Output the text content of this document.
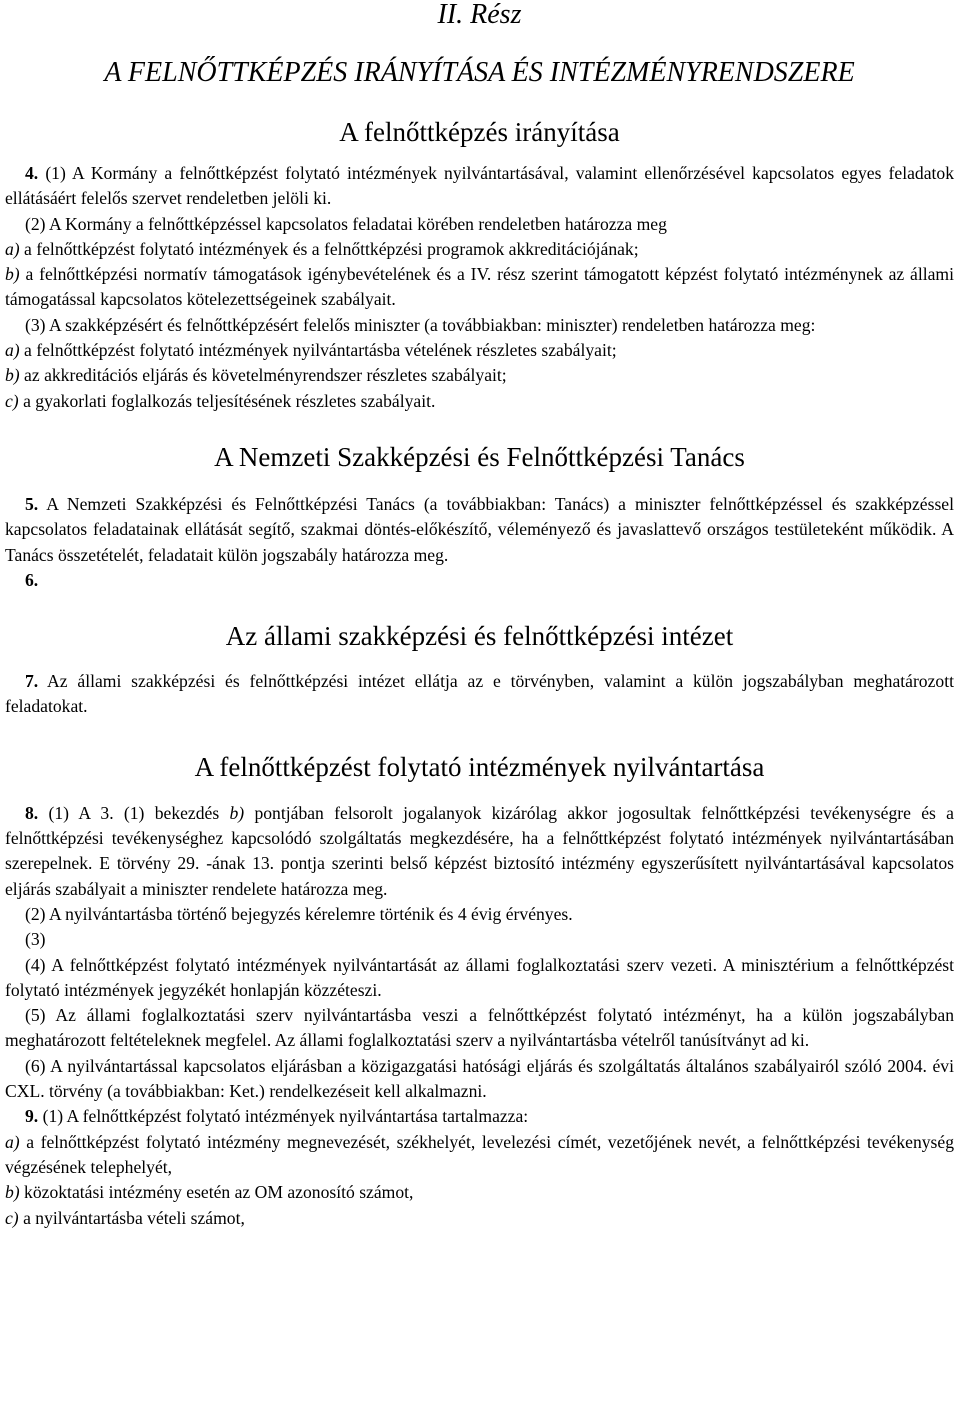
II. Rész
A FELNŐTTKÉPZÉS IRÁNYÍTÁSA ÉS INTÉZMÉNYRENDSZERE
A felnőttképzés irányítása

4. (1) A Kormány a felnőttképzést folytató intézmények nyilvántartásával, valamint ellenőrzésével kapcsolatos egyes feladatok ellátásáért felelős szervet rendeletben jelöli ki.

(2) A Kormány a felnőttképzéssel kapcsolatos feladatai körében rendeletben határozza meg

a) a felnőttképzést folytató intézmények és a felnőttképzési programok akkreditációjának;

b) a felnőttképzési normatív támogatások igénybevételének és a IV. rész szerint támogatott képzést folytató intézménynek az állami támogatással kapcsolatos kötelezettségeinek szabályait.

(3) A szakképzésért és felnőttképzésért felelős miniszter (a továbbiakban: miniszter) rendeletben határozza meg:

a) a felnőttképzést folytató intézmények nyilvántartásba vételének részletes szabályait;

b) az akkreditációs eljárás és követelményrendszer részletes szabályait;

c) a gyakorlati foglalkozás teljesítésének részletes szabályait.

A Nemzeti Szakképzési és Felnőttképzési Tanács

5. A Nemzeti Szakképzési és Felnőttképzési Tanács (a továbbiakban: Tanács) a miniszter felnőttképzéssel és szakképzéssel kapcsolatos feladatainak ellátását segítő, szakmai döntés-előkészítő, véleményező és javaslattevő országos testületeként működik. A Tanács összetételét, feladatait külön jogszabály határozza meg.

6.

Az állami szakképzési és felnőttképzési intézet

7. Az állami szakképzési és felnőttképzési intézet ellátja az e törvényben, valamint a külön jogszabályban meghatározott feladatokat.

A felnőttképzést folytató intézmények nyilvántartása

8. (1) A 3. (1) bekezdés b) pontjában felsorolt jogalanyok kizárólag akkor jogosultak felnőttképzési tevékenységre és a felnőttképzési tevékenységhez kapcsolódó szolgáltatás megkezdésére, ha a felnőttképzést folytató intézmények nyilvántartásában szerepelnek. E törvény 29. -ának 13. pontja szerinti belső képzést biztosító intézmény egyszerűsített nyilvántartásával kapcsolatos eljárás szabályait a miniszter rendelete határozza meg.

(2) A nyilvántartásba történő bejegyzés kérelemre történik és 4 évig érvényes.

(3)

(4) A felnőttképzést folytató intézmények nyilvántartását az állami foglalkoztatási szerv vezeti. A minisztérium a felnőttképzést folytató intézmények jegyzékét honlapján közzéteszi.

(5) Az állami foglalkoztatási szerv nyilvántartásba veszi a felnőttképzést folytató intézményt, ha a külön jogszabályban meghatározott feltételeknek megfelel. Az állami foglalkoztatási szerv a nyilvántartásba vételről tanúsítványt ad ki.

(6) A nyilvántartással kapcsolatos eljárásban a közigazgatási hatósági eljárás és szolgáltatás általános szabályairól szóló 2004. évi CXL. törvény (a továbbiakban: Ket.) rendelkezéseit kell alkalmazni.

9. (1) A felnőttképzést folytató intézmények nyilvántartása tartalmazza:

a) a felnőttképzést folytató intézmény megnevezését, székhelyét, levelezési címét, vezetőjének nevét, a felnőttképzési tevékenység végzésének telephelyét,

b) közoktatási intézmény esetén az OM azonosító számot,

c) a nyilvántartásba vételi számot,
